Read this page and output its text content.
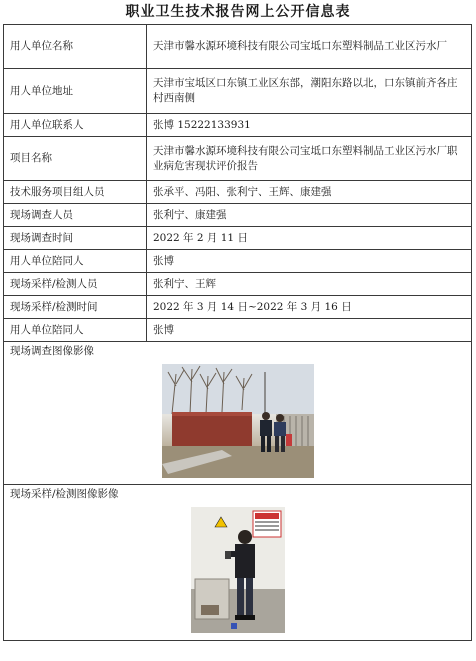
职业卫生技术报告网上公开信息表
用人单位名称	天津市馨水源环境科技有限公司宝坻口东塑料制品工业区污水厂
用人单位地址	天津市宝坻区口东镇工业区东部，潮阳东路以北，口东镇前齐各庄村西南侧
用人单位联系人	张博 15222133931
项目名称	天津市馨水源环境科技有限公司宝坻口东塑料制品工业区污水厂职业病危害现状评价报告
技术服务项目组人员	张承平、冯阳、张利宁、王辉、康建强
现场调查人员	张利宁、康建强
现场调查时间	2022 年 2 月 11 日
用人单位陪同人	张博
现场采样/检测人员	张利宁、王辉
现场采样/检测时间	2022 年 3 月 14 日~2022 年 3 月 16 日
用人单位陪同人	张博

现场调查图像影像	

现场采样/检测图像影像	
